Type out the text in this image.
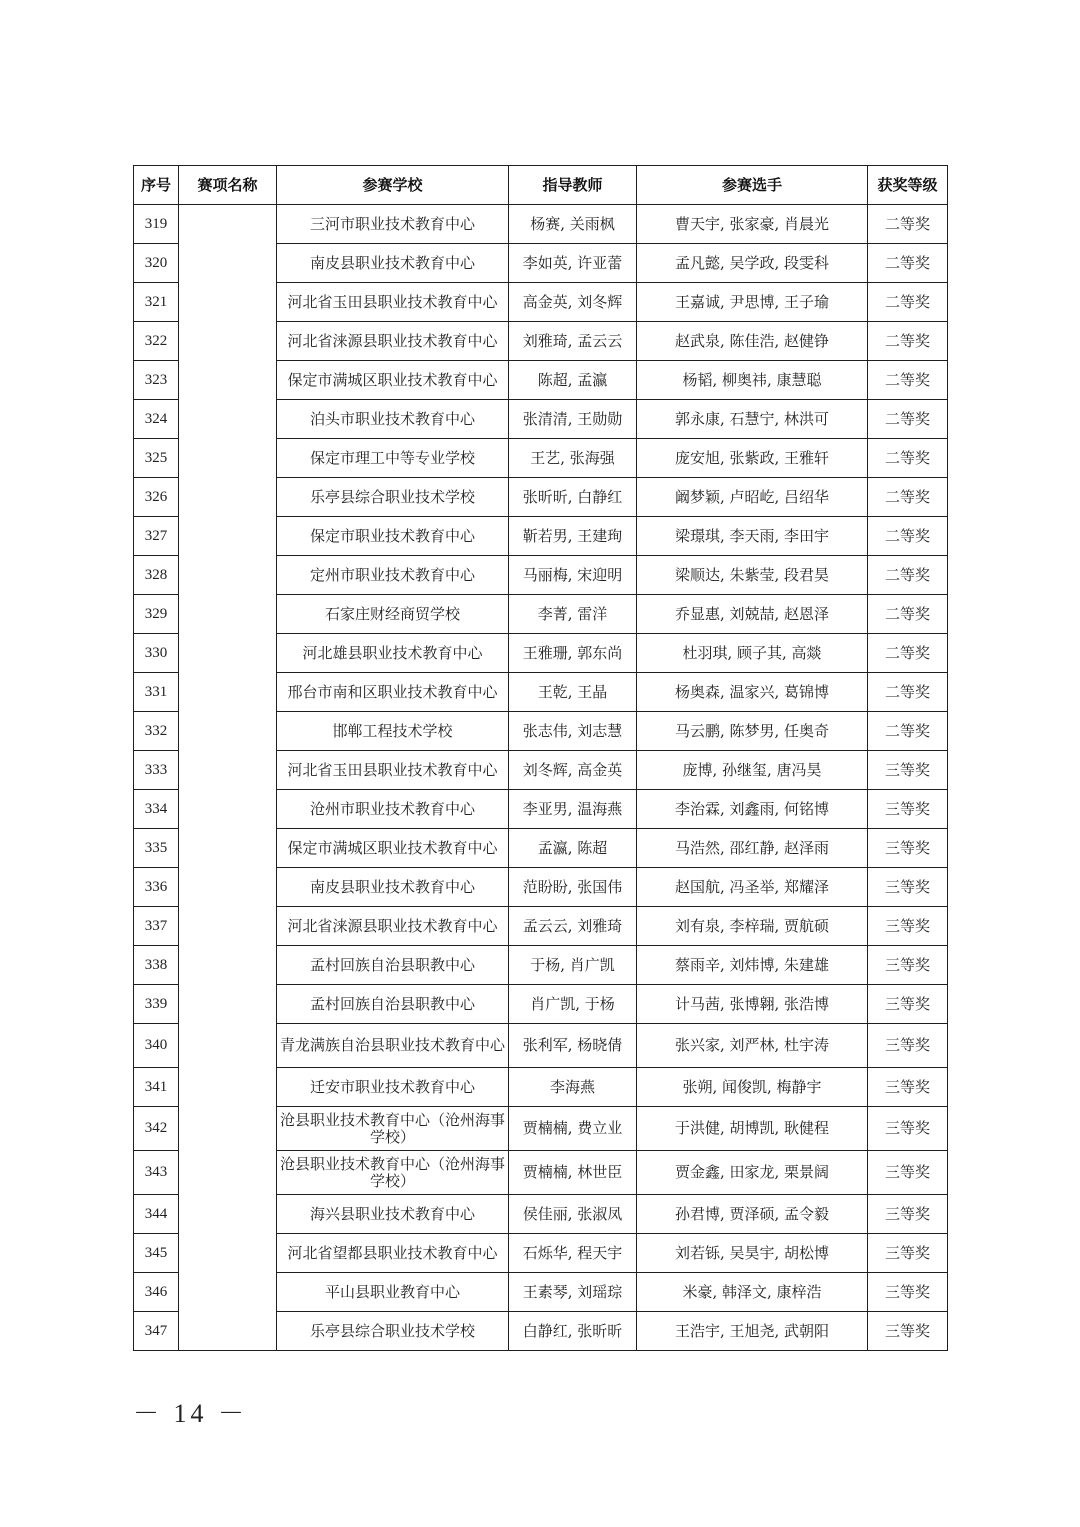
序号	赛项名称	参赛学校	指导教师	参赛选手	获奖等级
319		三河市职业技术教育中心	杨赛, 关雨枫	曹天宇, 张家豪, 肖晨光	二等奖
320		南皮县职业技术教育中心	李如英, 许亚蕾	孟凡懿, 吴学政, 段雯科	二等奖
321		河北省玉田县职业技术教育中心	高金英, 刘冬辉	王嘉诚, 尹思博, 王子瑜	二等奖
322		河北省涞源县职业技术教育中心	刘雅琦, 孟云云	赵武泉, 陈佳浩, 赵健铮	二等奖
323		保定市满城区职业技术教育中心	陈超, 孟瀛	杨韬, 柳奥祎, 康慧聪	二等奖
324		泊头市职业技术教育中心	张清清, 王勋勋	郭永康, 石慧宁, 林洪可	二等奖
325		保定市理工中等专业学校	王艺, 张海强	庞安旭, 张紫政, 王雅轩	二等奖
326		乐亭县综合职业技术学校	张昕昕, 白静红	阚梦颖, 卢昭屹, 吕绍华	二等奖
327		保定市职业技术教育中心	靳若男, 王建珣	梁璟琪, 李天雨, 李田宇	二等奖
328		定州市职业技术教育中心	马丽梅, 宋迎明	梁顺达, 朱紫莹, 段君昊	二等奖
329		石家庄财经商贸学校	李菁, 雷洋	乔显惠, 刘兢喆, 赵恩泽	二等奖
330		河北雄县职业技术教育中心	王雅珊, 郭东尚	杜羽琪, 顾子其, 高燚	二等奖
331		邢台市南和区职业技术教育中心	王乾, 王晶	杨奥森, 温家兴, 葛锦博	二等奖
332		邯郸工程技术学校	张志伟, 刘志慧	马云鹏, 陈梦男, 任奥奇	二等奖
333		河北省玉田县职业技术教育中心	刘冬辉, 高金英	庞博, 孙继玺, 唐冯昊	三等奖
334		沧州市职业技术教育中心	李亚男, 温海燕	李治霖, 刘鑫雨, 何铭博	三等奖
335		保定市满城区职业技术教育中心	孟瀛, 陈超	马浩然, 邵红静, 赵泽雨	三等奖
336		南皮县职业技术教育中心	范盼盼, 张国伟	赵国航, 冯圣举, 郑耀泽	三等奖
337		河北省涞源县职业技术教育中心	孟云云, 刘雅琦	刘有泉, 李梓瑞, 贾航硕	三等奖
338		孟村回族自治县职教中心	于杨, 肖广凯	蔡雨辛, 刘炜博, 朱建雄	三等奖
339		孟村回族自治县职教中心	肖广凯, 于杨	计马茜, 张博翱, 张浩博	三等奖
340		青龙满族自治县职业技术教育中心	张利军, 杨晓倩	张兴家, 刘严林, 杜宇涛	三等奖
341		迁安市职业技术教育中心	李海燕	张朔, 闻俊凯, 梅静宇	三等奖
342		沧县职业技术教育中心（沧州海事学校）	贾楠楠, 费立业	于洪健, 胡博凯, 耿健程	三等奖
343		沧县职业技术教育中心（沧州海事学校）	贾楠楠, 林世臣	贾金鑫, 田家龙, 栗景阔	三等奖
344		海兴县职业技术教育中心	侯佳丽, 张淑凤	孙君博, 贾泽硕, 孟令毅	三等奖
345		河北省望都县职业技术教育中心	石烁华, 程天宇	刘若铄, 吴昊宇, 胡松博	三等奖
346		平山县职业教育中心	王素琴, 刘瑶琮	米豪, 韩泽文, 康梓浩	三等奖
347		乐亭县综合职业技术学校	白静红, 张昕昕	王浩宇, 王旭尧, 武朝阳	三等奖
－ 14 －
